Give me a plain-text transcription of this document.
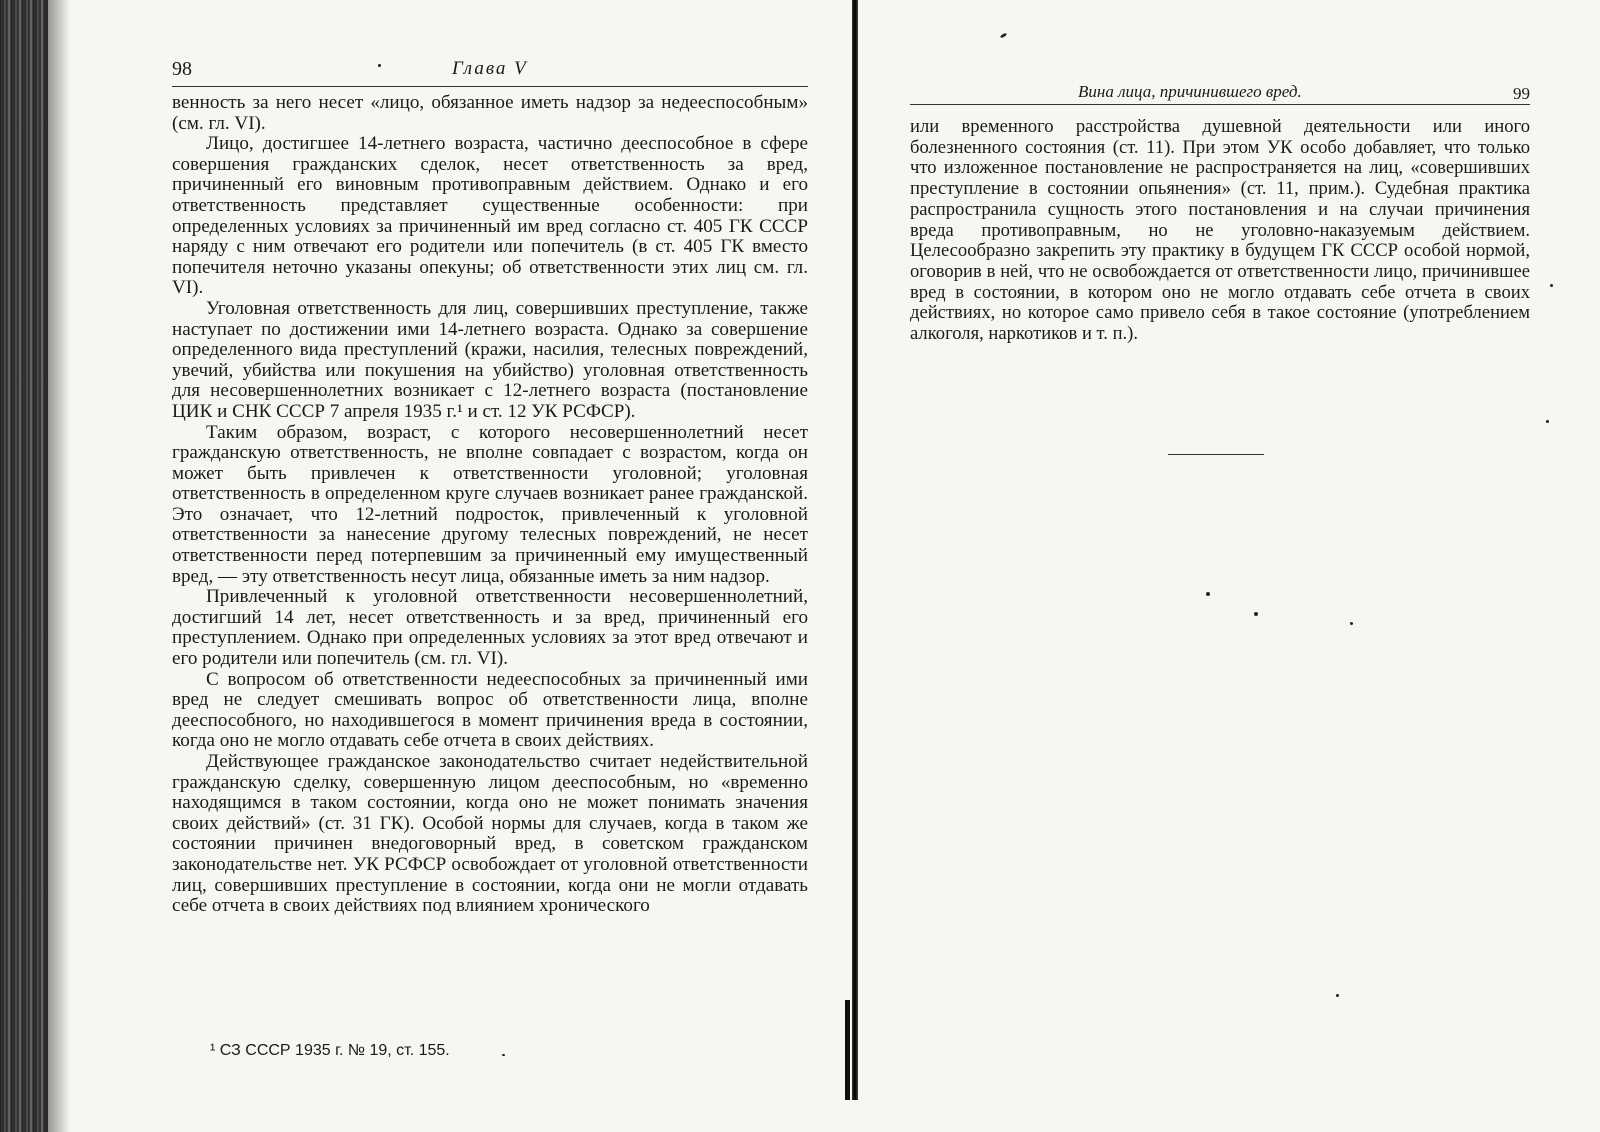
98	Глава V

венность за него несет «лицо, обязанное иметь надзор за недееспособным» (см. гл. VI).

Лицо, достигшее 14-летнего возраста, частично дееспособное в сфере совершения гражданских сделок, несет ответственность за вред, причиненный его виновным противоправным действием. Однако и его ответственность представляет существенные особенности: при определенных условиях за причиненный им вред согласно ст. 405 ГК СССР наряду с ним отвечают его родители или попечитель (в ст. 405 ГК вместо попечителя неточно указаны опекуны; об ответственности этих лиц см. гл. VI).

Уголовная ответственность для лиц, совершивших преступление, также наступает по достижении ими 14-летнего возраста. Однако за совершение определенного вида преступлений (кражи, насилия, телесных повреждений, увечий, убийства или покушения на убийство) уголовная ответственность для несовершеннолетних возникает с 12-летнего возраста (постановление ЦИК и СНК СССР 7 апреля 1935 г.¹ и ст. 12 УК РСФСР).

Таким образом, возраст, с которого несовершеннолетний несет гражданскую ответственность, не вполне совпадает с возрастом, когда он может быть привлечен к ответственности уголовной; уголовная ответственность в определенном круге случаев возникает ранее гражданской. Это означает, что 12-летний подросток, привлеченный к уголовной ответственности за нанесение другому телесных повреждений, не несет ответственности перед потерпевшим за причиненный ему имущественный вред, — эту ответственность несут лица, обязанные иметь за ним надзор.

Привлеченный к уголовной ответственности несовершеннолетний, достигший 14 лет, несет ответственность и за вред, причиненный его преступлением. Однако при определенных условиях за этот вред отвечают и его родители или попечитель (см. гл. VI).

С вопросом об ответственности недееспособных за причиненный ими вред не следует смешивать вопрос об ответственности лица, вполне дееспособного, но находившегося в момент причинения вреда в состоянии, когда оно не могло отдавать себе отчета в своих действиях.

Действующее гражданское законодательство считает недействительной гражданскую сделку, совершенную лицом дееспособным, но «временно находящимся в таком состоянии, когда оно не может понимать значения своих действий» (ст. 31 ГК). Особой нормы для случаев, когда в таком же состоянии причинен внедоговорный вред, в советском гражданском законодательстве нет. УК РСФСР освобождает от уголовной ответственности лиц, совершивших преступление в состоянии, когда они не могли отдавать себе отчета в своих действиях под влиянием хронического

¹ СЗ СССР 1935 г. № 19, ст. 155.
Вина лица, причинившего вред.	99

или временного расстройства душевной деятельности или иного болезненного состояния (ст. 11). При этом УК особо добавляет, что только что изложенное постановление не распространяется на лиц, «совершивших преступление в состоянии опьянения» (ст. 11, прим.). Судебная практика распространила сущность этого постановления и на случаи причинения вреда противоправным, но не уголовно-наказуемым действием. Целесообразно закрепить эту практику в будущем ГК СССР особой нормой, оговорив в ней, что не освобождается от ответственности лицо, причинившее вред в состоянии, в котором оно не могло отдавать себе отчета в своих действиях, но которое само привело себя в такое состояние (употреблением алкоголя, наркотиков и т. п.).
